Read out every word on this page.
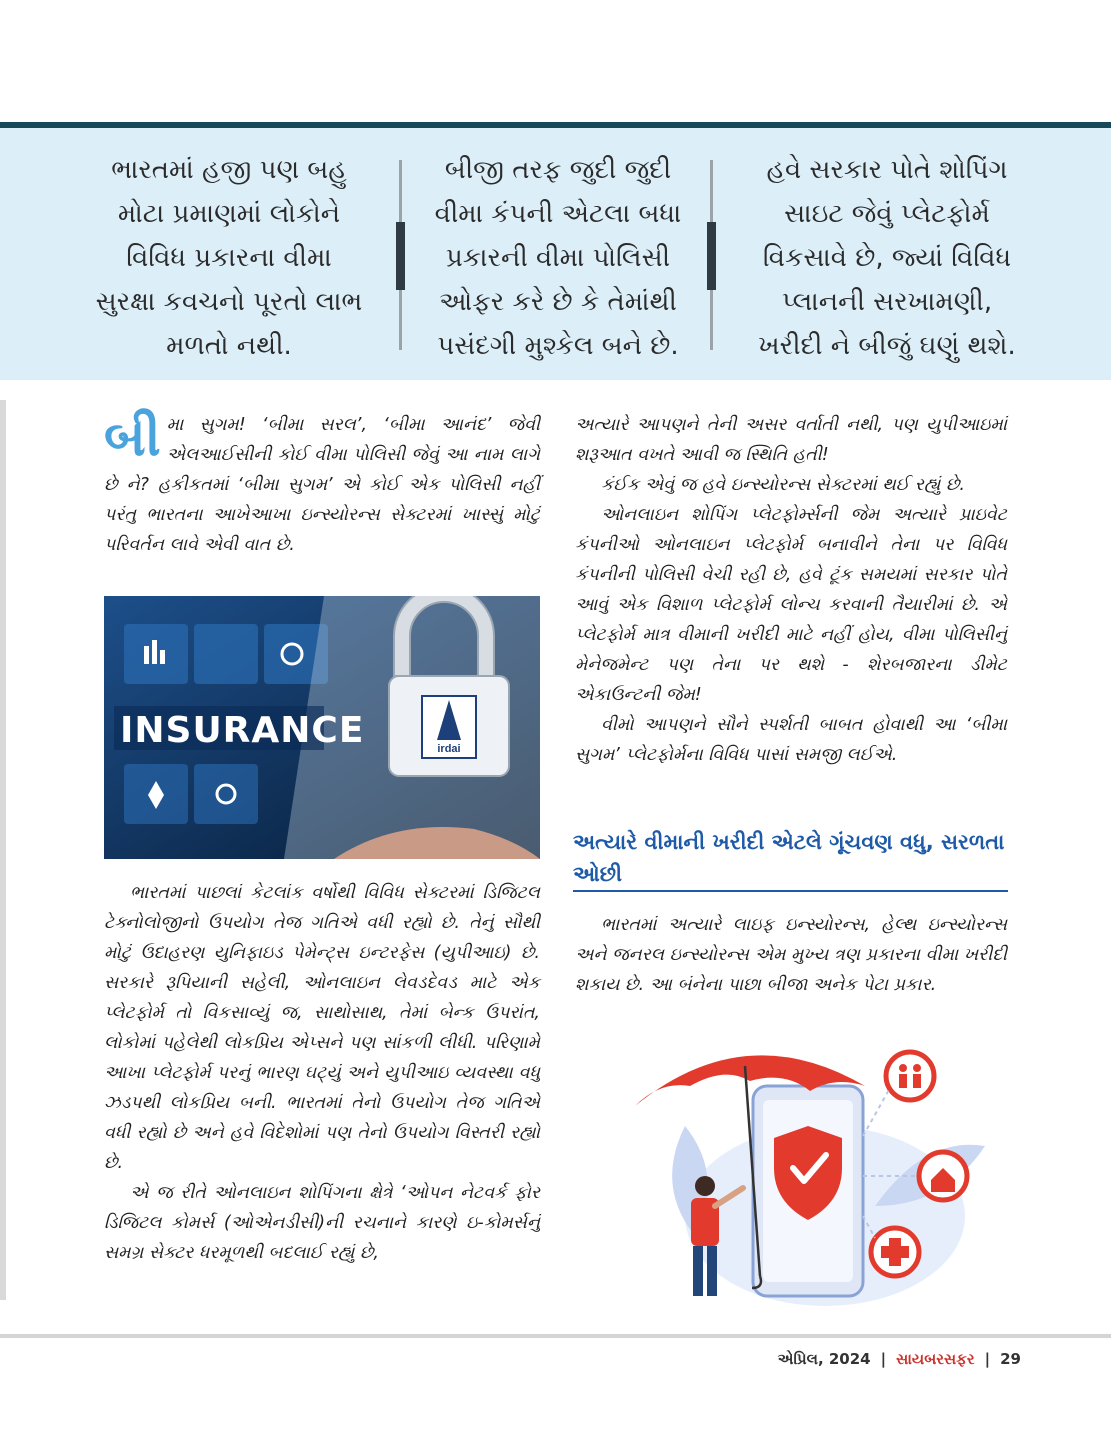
ભારતમાં હજી પણ બહુ
મોટા પ્રમાણમાં લોકોને
વિવિધ પ્રકારના વીમા
સુરક્ષા કવચનો પૂરતો લાભ
મળતો નથી.
બીજી તરફ જુદી જુદી
વીમા કંપની એટલા બધા
પ્રકારની વીમા પોલિસી
ઓફર કરે છે કે તેમાંથી
પસંદગી મુશ્કેલ બને છે.
હવે સરકાર પોતે શોપિંગ
સાઇટ જેવું પ્લેટફોર્મ
વિકસાવે છે, જ્યાં વિવિધ
પ્લાનની સરખામણી,
ખરીદી ને બીજું ઘણું થશે.
બી મા સુગમ! ‘બીમા સરલ’, ‘બીમા આનંદ’ જેવી એલઆઈસીની કોઈ વીમા પોલિસી જેવું આ નામ લાગે છે ને? હકીકતમાં ‘બીમા સુગમ’ એ કોઈ એક પોલિસી નહીં પરંતુ ભારતના આખેઆખા ઇન્સ્યોરન્સ સેક્ટરમાં ખાસ્સું મોટું પરિવર્તન લાવે એવી વાત છે.
irdai
INSURANCE

ભારતમાં પાછલાં કેટલાંક વર્ષોથી વિવિધ સેક્ટરમાં ડિજિટલ ટેક્નોલોજીનો ઉપયોગ તેજ ગતિએ વધી રહ્યો છે. તેનું સૌથી મોટું ઉદાહરણ યુનિફાઇડ પેમેન્ટ્સ ઇન્ટરફેસ (યુપીઆઇ) છે. સરકારે રૂપિયાની સહેલી, ઓનલાઇન લેવડદેવડ માટે એક પ્લેટફોર્મ તો વિકસાવ્યું જ, સાથોસાથ, તેમાં બેન્ક ઉપરાંત, લોકોમાં પહેલેથી લોકપ્રિય એપ્સને પણ સાંકળી લીધી. પરિણામે આખા પ્લેટફોર્મ પરનું ભારણ ઘટ્યું અને યુપીઆઇ વ્યવસ્થા વધુ ઝડપથી લોકપ્રિય બની. ભારતમાં તેનો ઉપયોગ તેજ ગતિએ વધી રહ્યો છે અને હવે વિદેશોમાં પણ તેનો ઉપયોગ વિસ્તરી રહ્યો છે.

એ જ રીતે ઓનલાઇન શોપિંગના ક્ષેત્રે ‘ઓપન નેટવર્ક ફોર ડિજિટલ કોમર્સ (ઓએનડીસી)ની રચનાને કારણે ઇ-કોમર્સનું સમગ્ર સેક્ટર ધરમૂળથી બદલાઈ રહ્યું છે,

અત્યારે આપણને તેની અસર વર્તાતી નથી, પણ યુપીઆઇમાં શરૂઆત વખતે આવી જ સ્થિતિ હતી!

કંઈક એવું જ હવે ઇન્સ્યોરન્સ સેક્ટરમાં થઈ રહ્યું છે.

ઓનલાઇન શોપિંગ પ્લેટફોર્મ્સની જેમ અત્યારે પ્રાઇવેટ કંપનીઓ ઓનલાઇન પ્લેટફોર્મ બનાવીને તેના પર વિવિધ કંપનીની પોલિસી વેચી રહી છે, હવે ટૂંક સમયમાં સરકાર પોતે આવું એક વિશાળ પ્લેટફોર્મ લોન્ચ કરવાની તૈયારીમાં છે. એ પ્લેટફોર્મ માત્ર વીમાની ખરીદી માટે નહીં હોય, વીમા પોલિસીનું મેનેજમેન્ટ પણ તેના પર થશે - શેરબજારના ડીમેટ એકાઉન્ટની જેમ!

વીમો આપણને સૌને સ્પર્શતી બાબત હોવાથી આ ‘બીમા સુગમ’ પ્લેટફોર્મના વિવિધ પાસાં સમજી લઈએ.

અત્યારે વીમાની ખરીદી એટલે ગૂંચવણ વધુ, સરળતા ઓછી

ભારતમાં અત્યારે લાઇફ ઇન્સ્યોરન્સ, હેલ્થ ઇન્સ્યોરન્સ અને જનરલ ઇન્સ્યોરન્સ એમ મુખ્ય ત્રણ પ્રકારના વીમા ખરીદી શકાય છે. આ બંનેના પાછા બીજા અનેક પેટા પ્રકાર.

એપ્રિલ, 2024 | સાયબરસફર | 29
